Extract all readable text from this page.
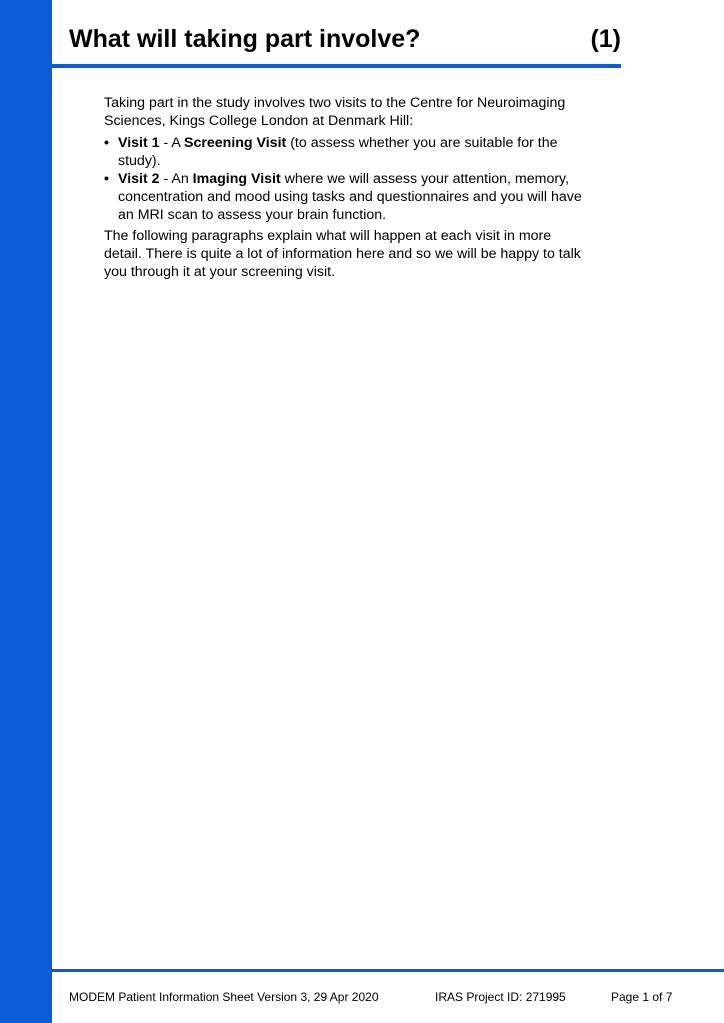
What will taking part involve?	(1)

Taking part in the study involves two visits to the Centre for Neuroimaging Sciences, Kings College London at Denmark Hill:

• Visit 1 - A Screening Visit (to assess whether you are suitable for the study).
• Visit 2 - An Imaging Visit where we will assess your attention, memory, concentration and mood using tasks and questionnaires and you will have an MRI scan to assess your brain function.

The following paragraphs explain what will happen at each visit in more detail. There is quite a lot of information here and so we will be happy to talk you through it at your screening visit.

MODEM Patient Information Sheet Version 3, 29 Apr 2020	IRAS Project ID: 271995	Page 1 of 7
